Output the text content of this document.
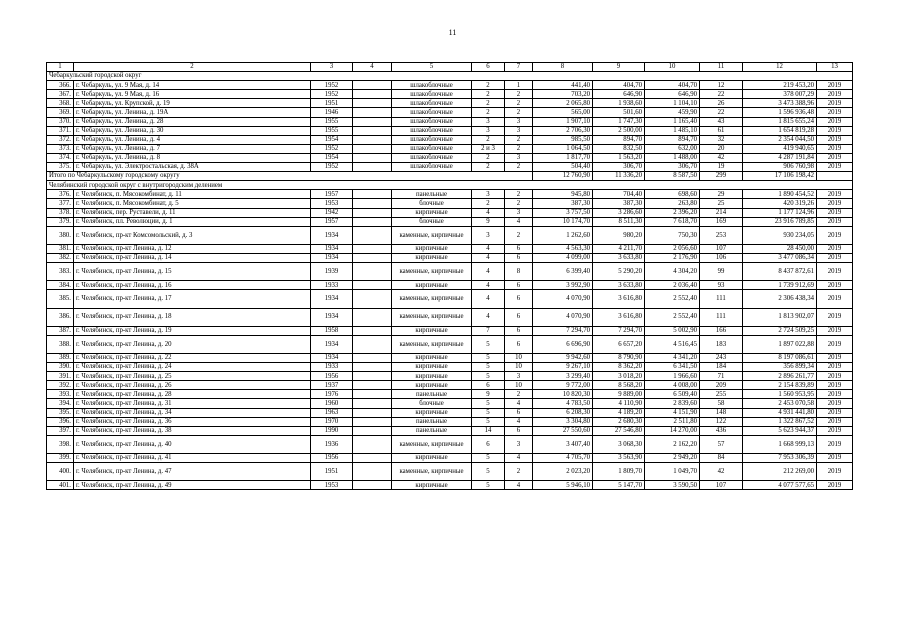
11
1	2	3	4	5	6	7	8	9	10	11	12	13
Чебаркульский городской округ												
366.	г. Чебаркуль, ул. 9 Мая, д. 14	1952		шлакоблочные	2	1	441,40	404,70	404,70	12	219 453,20	2019
367.	г. Чебаркуль, ул. 9 Мая, д. 16	1952		шлакоблочные	2	2	703,20	646,90	646,90	22	378 007,29	2019
368.	г. Чебаркуль, ул. Крупской, д. 19	1951		шлакоблочные	2	2	2 065,80	1 938,60	1 104,10	26	3 473 388,96	2019
369.	г. Чебаркуль, ул. Ленина, д. 19А	1946		шлакоблочные	2	2	565,00	501,60	459,90	22	1 596 936,48	2019
370.	г. Чебаркуль, ул. Ленина, д. 28	1955		шлакоблочные	3	3	1 907,10	1 747,30	1 165,40	43	1 815 655,24	2019
371.	г. Чебаркуль, ул. Ленина, д. 30	1955		шлакоблочные	3	3	2 706,30	2 500,00	1 485,10	61	1 654 819,28	2019
372.	г. Чебаркуль, ул. Ленина, д. 4	1954		шлакоблочные	2	2	985,50	894,70	894,70	32	2 354 044,50	2019
373.	г. Чебаркуль, ул. Ленина, д. 7	1952		шлакоблочные	2 и 3	2	1 064,50	832,50	632,00	20	419 940,65	2019
374.	г. Чебаркуль, ул. Ленина, д. 8	1954		шлакоблочные	2	3	1 817,70	1 563,20	1 488,00	42	4 287 191,84	2019
375.	г. Чебаркуль, ул. Электростальская, д. 38А	1952		шлакоблочные	2	2	504,40	306,70	306,70	19	906 760,98	2019
Итого по Чебаркульскому городскому округу							12 760,90	11 336,20	8 587,50	299	17 106 198,42	
Челябинский городской округ с внутригородским делением												
376.	г. Челябинск, п. Мясокомбинат, д. 11	1957		панельные	3	2	945,80	704,40	698,60	29	1 890 454,52	2019
377.	г. Челябинск, п. Мясокомбинат, д. 5	1953		блочные	2	2	387,30	387,30	263,80	25	420 319,26	2019
378.	г. Челябинск, пер. Руставели, д. 11	1942		кирпичные	4	3	3 757,50	3 286,60	2 396,20	214	1 177 124,96	2019
379.	г. Челябинск, пл. Революции, д. 1	1957		блочные	9	4	10 174,70	8 511,30	7 618,70	169	23 916 789,85	2019
380.	г. Челябинск, пр-кт Комсомольский, д. 3	1934		каменные, кирпичные	3	2	1 262,60	980,20	750,30	253	930 234,05	2019
381.	г. Челябинск, пр-кт Ленина, д. 12	1934		кирпичные	4	6	4 563,30	4 211,70	2 056,60	107	28 450,00	2019
382.	г. Челябинск, пр-кт Ленина, д. 14	1934		кирпичные	4	6	4 099,00	3 633,80	2 176,90	106	3 477 086,34	2019
383.	г. Челябинск, пр-кт Ленина, д. 15	1939		каменные, кирпичные	4	8	6 399,40	5 290,20	4 304,20	99	8 437 872,61	2019
384.	г. Челябинск, пр-кт Ленина, д. 16	1933		кирпичные	4	6	3 992,90	3 633,80	2 036,40	93	1 739 912,69	2019
385.	г. Челябинск, пр-кт Ленина, д. 17	1934		каменные, кирпичные	4	6	4 070,90	3 616,80	2 552,40	111	2 306 438,34	2019
386.	г. Челябинск, пр-кт Ленина, д. 18	1934		каменные, кирпичные	4	6	4 070,90	3 616,80	2 552,40	111	1 813 902,07	2019
387.	г. Челябинск, пр-кт Ленина, д. 19	1958		кирпичные	7	6	7 294,70	7 294,70	5 002,90	166	2 724 509,25	2019
388.	г. Челябинск, пр-кт Ленина, д. 20	1934		каменные, кирпичные	5	6	6 696,90	6 657,20	4 516,45	183	1 897 022,88	2019
389.	г. Челябинск, пр-кт Ленина, д. 22	1934		кирпичные	5	10	9 942,60	8 790,90	4 341,20	243	8 197 086,61	2019
390.	г. Челябинск, пр-кт Ленина, д. 24	1933		кирпичные	5	10	9 267,10	8 362,20	6 341,50	184	356 899,34	2019
391.	г. Челябинск, пр-кт Ленина, д. 25	1956		кирпичные	5	3	3 299,40	3 018,20	1 966,60	71	2 896 261,77	2019
392.	г. Челябинск, пр-кт Ленина, д. 26	1937		кирпичные	6	10	9 772,00	8 568,20	4 008,00	209	2 154 839,89	2019
393.	г. Челябинск, пр-кт Ленина, д. 28	1976		панельные	9	2	10 820,30	9 889,00	6 509,40	255	1 560 953,95	2019
394.	г. Челябинск, пр-кт Ленина, д. 31	1960		блочные	5	4	4 783,50	4 110,90	2 839,60	58	2 453 070,58	2019
395.	г. Челябинск, пр-кт Ленина, д. 34	1963		кирпичные	5	6	6 208,30	4 189,20	4 151,90	148	4 931 441,80	2019
396.	г. Челябинск, пр-кт Ленина, д. 36	1970		панельные	5	4	3 304,80	2 680,30	2 511,80	122	1 322 867,52	2019
397.	г. Челябинск, пр-кт Ленина, д. 38	1990		панельные	14	6	27 550,60	27 546,80	14 270,00	436	5 623 944,37	2019
398.	г. Челябинск, пр-кт Ленина, д. 40	1936		каменные, кирпичные	6	3	3 407,40	3 068,30	2 162,20	57	1 668 999,13	2019
399.	г. Челябинск, пр-кт Ленина, д. 41	1956		кирпичные	5	4	4 705,70	3 563,90	2 949,20	84	7 953 306,39	2019
400.	г. Челябинск, пр-кт Ленина, д. 47	1951		каменные, кирпичные	5	2	2 023,20	1 809,70	1 049,70	42	212 269,00	2019
401.	г. Челябинск, пр-кт Ленина, д. 49	1953		кирпичные	5	4	5 946,10	5 147,70	3 590,50	107	4 077 577,65	2019
